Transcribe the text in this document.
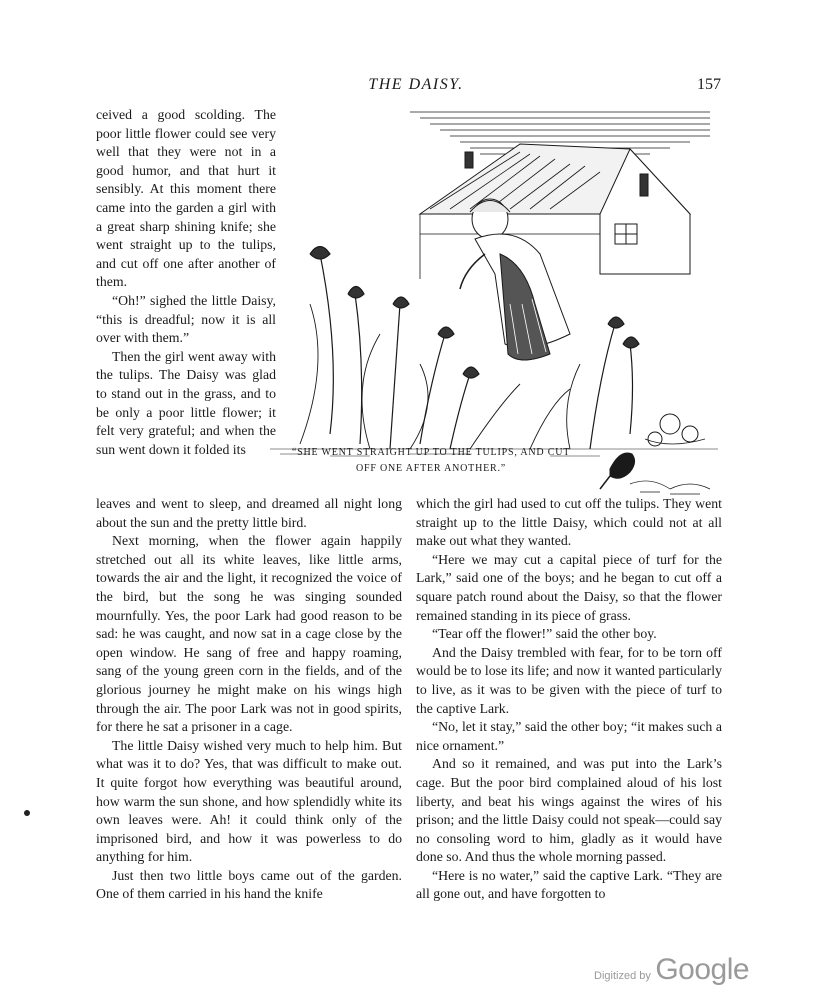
THE DAISY.	157

ceived a good scolding. The poor little flower could see very well that they were not in a good humor, and that hurt it sensibly. At this moment there came into the garden a girl with a great sharp shining knife; she went straight up to the tulips, and cut off one after another of them.

“Oh!” sighed the little Daisy, “this is dreadful; now it is all over with them.”

Then the girl went away with the tulips. The Daisy was glad to stand out in the grass, and to be only a poor little flower; it felt very grateful; and when the sun went down it folded its	“SHE WENT STRAIGHT UP TO THE TULIPS, AND CUT OFF ONE AFTER ANOTHER.”

leaves and went to sleep, and dreamed all night long about the sun and the pretty little bird.

Next morning, when the flower again happily stretched out all its white leaves, like little arms, towards the air and the light, it recognized the voice of the bird, but the song he was singing sounded mournfully. Yes, the poor Lark had good reason to be sad: he was caught, and now sat in a cage close by the open window. He sang of free and happy roaming, sang of the young green corn in the fields, and of the glorious journey he might make on his wings high through the air. The poor Lark was not in good spirits, for there he sat a prisoner in a cage.

The little Daisy wished very much to help him. But what was it to do? Yes, that was difficult to make out. It quite forgot how everything was beautiful around, how warm the sun shone, and how splendidly white its own leaves were. Ah! it could think only of the imprisoned bird, and how it was powerless to do anything for him.

Just then two little boys came out of the garden. One of them carried in his hand the knife

which the girl had used to cut off the tulips. They went straight up to the little Daisy, which could not at all make out what they wanted.

“Here we may cut a capital piece of turf for the Lark,” said one of the boys; and he began to cut off a square patch round about the Daisy, so that the flower remained standing in its piece of grass.

“Tear off the flower!” said the other boy.

And the Daisy trembled with fear, for to be torn off would be to lose its life; and now it wanted particularly to live, as it was to be given with the piece of turf to the captive Lark.

“No, let it stay,” said the other boy; “it makes such a nice ornament.”

And so it remained, and was put into the Lark’s cage. But the poor bird complained aloud of his lost liberty, and beat his wings against the wires of his prison; and the little Daisy could not speak—could say no consoling word to him, gladly as it would have done so. And thus the whole morning passed.

“Here is no water,” said the captive Lark. “They are all gone out, and have forgotten to

Digitized by Google
